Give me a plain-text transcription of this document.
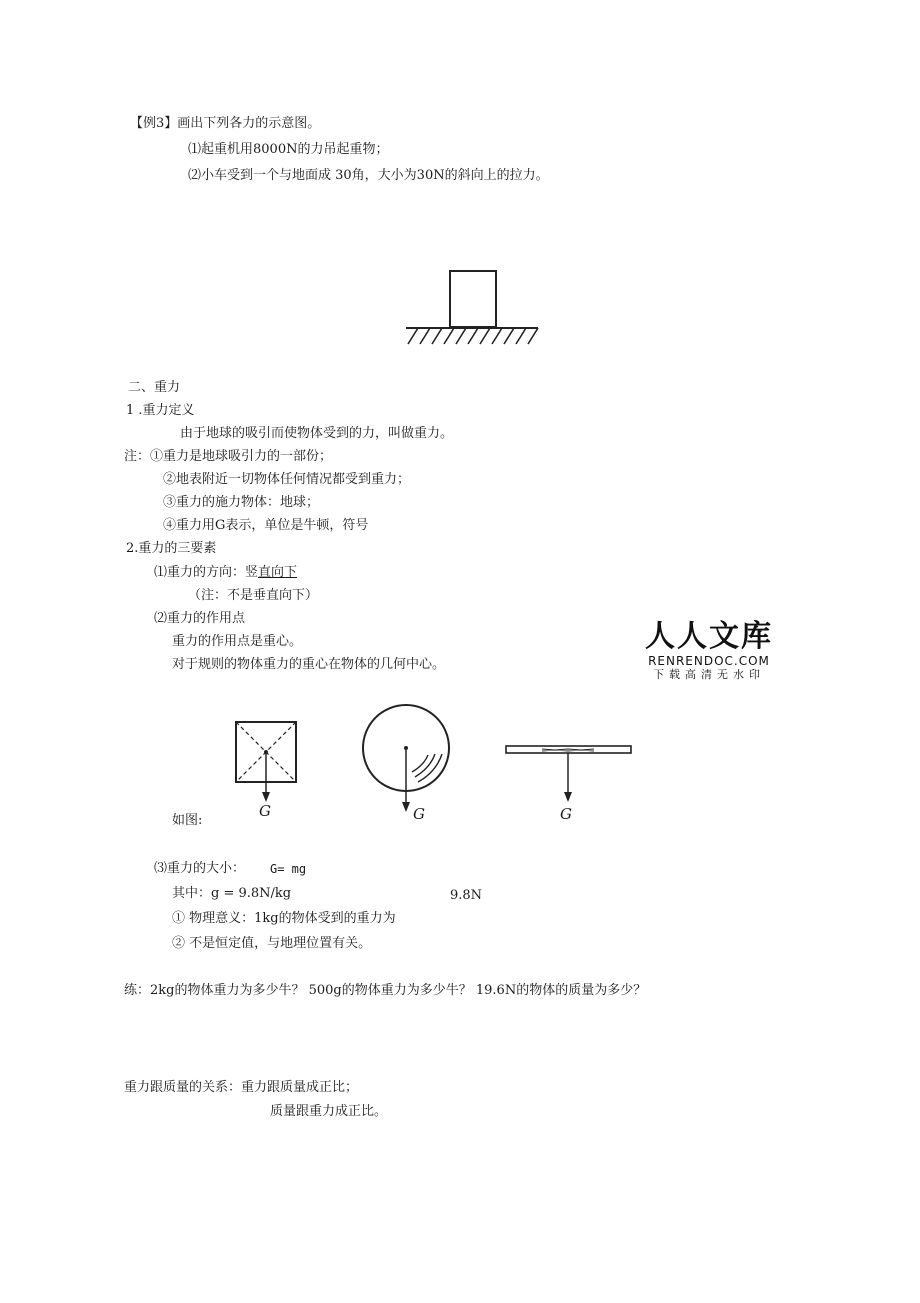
【例3】画出下列各力的示意图。
⑴起重机用8000N的力吊起重物；
⑵小车受到一个与地面成 30角，大小为30N的斜向上的拉力。
二、重力
1 .重力定义
由于地球的吸引而使物体受到的力，叫做重力。
注：①重力是地球吸引力的一部份；
②地表附近一切物体任何情况都受到重力；
③重力的施力物体：地球；
④重力用G表示，单位是牛顿，符号
2.重力的三要素
⑴重力的方向：竖直向下
（注：不是垂直向下）
⑵重力的作用点
重力的作用点是重心。
对于规则的物体重力的重心在物体的几何中心。
人人文库
RENRENDOC.COM
下载高清无水印
G	G	G
如图:
⑶重力的大小： G= mg
其中：g = 9.8N/kg	9.8N
① 物理意义：1kg的物体受到的重力为
② 不是恒定值，与地理位置有关。
练：2kg的物体重力为多少牛？ 500g的物体重力为多少牛？ 19.6N的物体的质量为多少？
重力跟质量的关系：重力跟质量成正比；
质量跟重力成正比。
